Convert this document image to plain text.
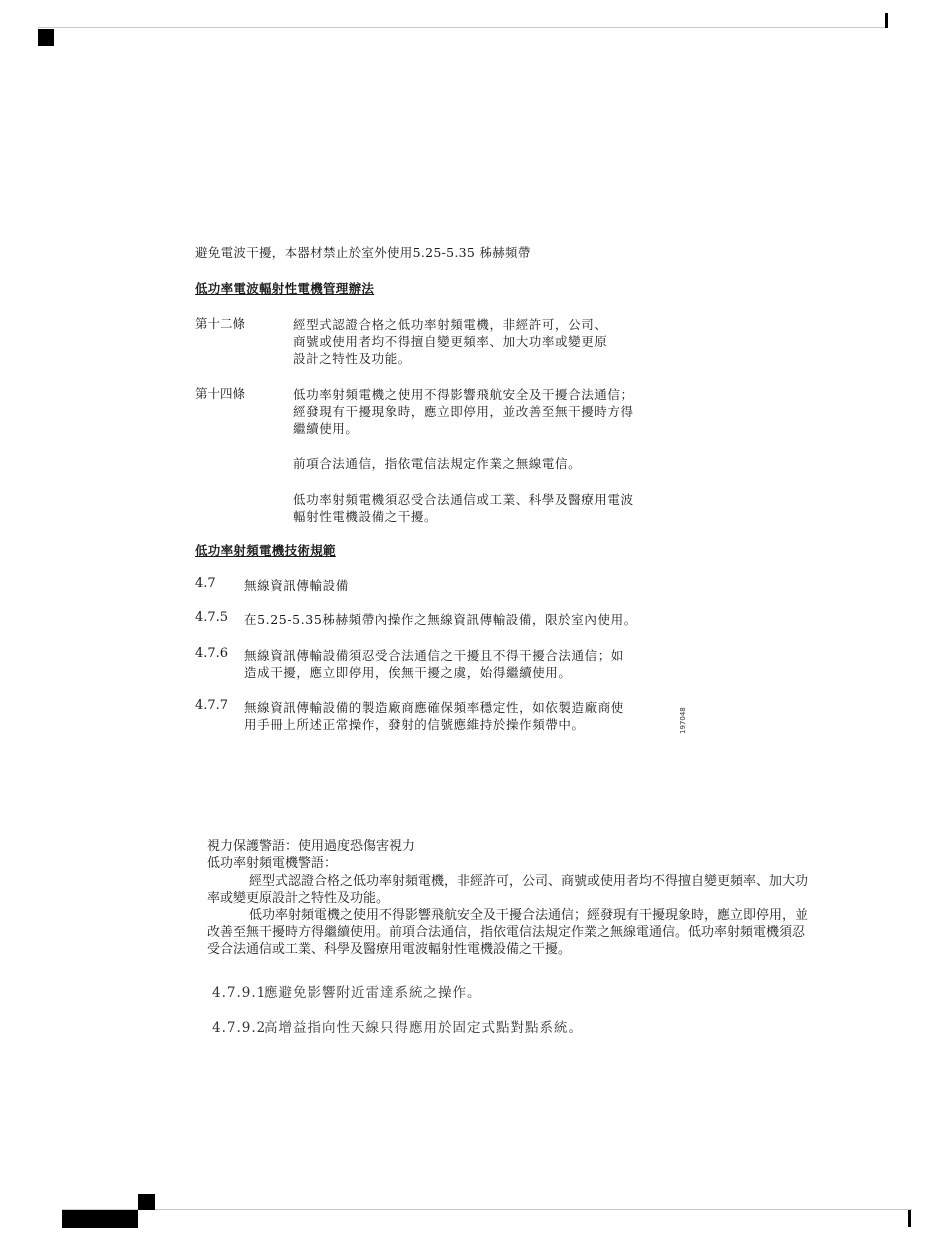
避免電波干擾，本器材禁止於室外使用5.25-5.35 秭赫頻帶
低功率電波輻射性電機管理辦法
第十二條	經型式認證合格之低功率射頻電機，非經許可，公司、
商號或使用者均不得擅自變更頻率、加大功率或變更原
設計之特性及功能。
第十四條	低功率射頻電機之使用不得影響飛航安全及干擾合法通信；
經發現有干擾現象時，應立即停用，並改善至無干擾時方得
繼續使用。
前項合法通信，指依電信法規定作業之無線電信。
低功率射頻電機須忍受合法通信或工業、科學及醫療用電波
輻射性電機設備之干擾。
低功率射頻電機技術規範
4.7 無線資訊傳輸設備
4.7.5 在5.25-5.35秭赫頻帶內操作之無線資訊傳輸設備，限於室內使用。
4.7.6 無線資訊傳輸設備須忍受合法通信之干擾且不得干擾合法通信；如
造成干擾，應立即停用，俟無干擾之虞，始得繼續使用。
4.7.7 無線資訊傳輸設備的製造廠商應確保頻率穩定性，如依製造廠商使
用手冊上所述正常操作，發射的信號應維持於操作頻帶中。	197048
視力保護警語：使用過度恐傷害視力
低功率射頻電機警語：
經型式認證合格之低功率射頻電機，非經許可，公司、商號或使用者均不得擅自變更頻率、加大功
率或變更原設計之特性及功能。
低功率射頻電機之使用不得影響飛航安全及干擾合法通信；經發現有干擾現象時，應立即停用，並
改善至無干擾時方得繼續使用。前項合法通信，指依電信法規定作業之無線電通信。低功率射頻電機須忍
受合法通信或工業、科學及醫療用電波輻射性電機設備之干擾。
4.7.9.1
應避免影響附近雷達系統之操作。
4.7.9.2
高增益指向性天線只得應用於固定式點對點系統。
